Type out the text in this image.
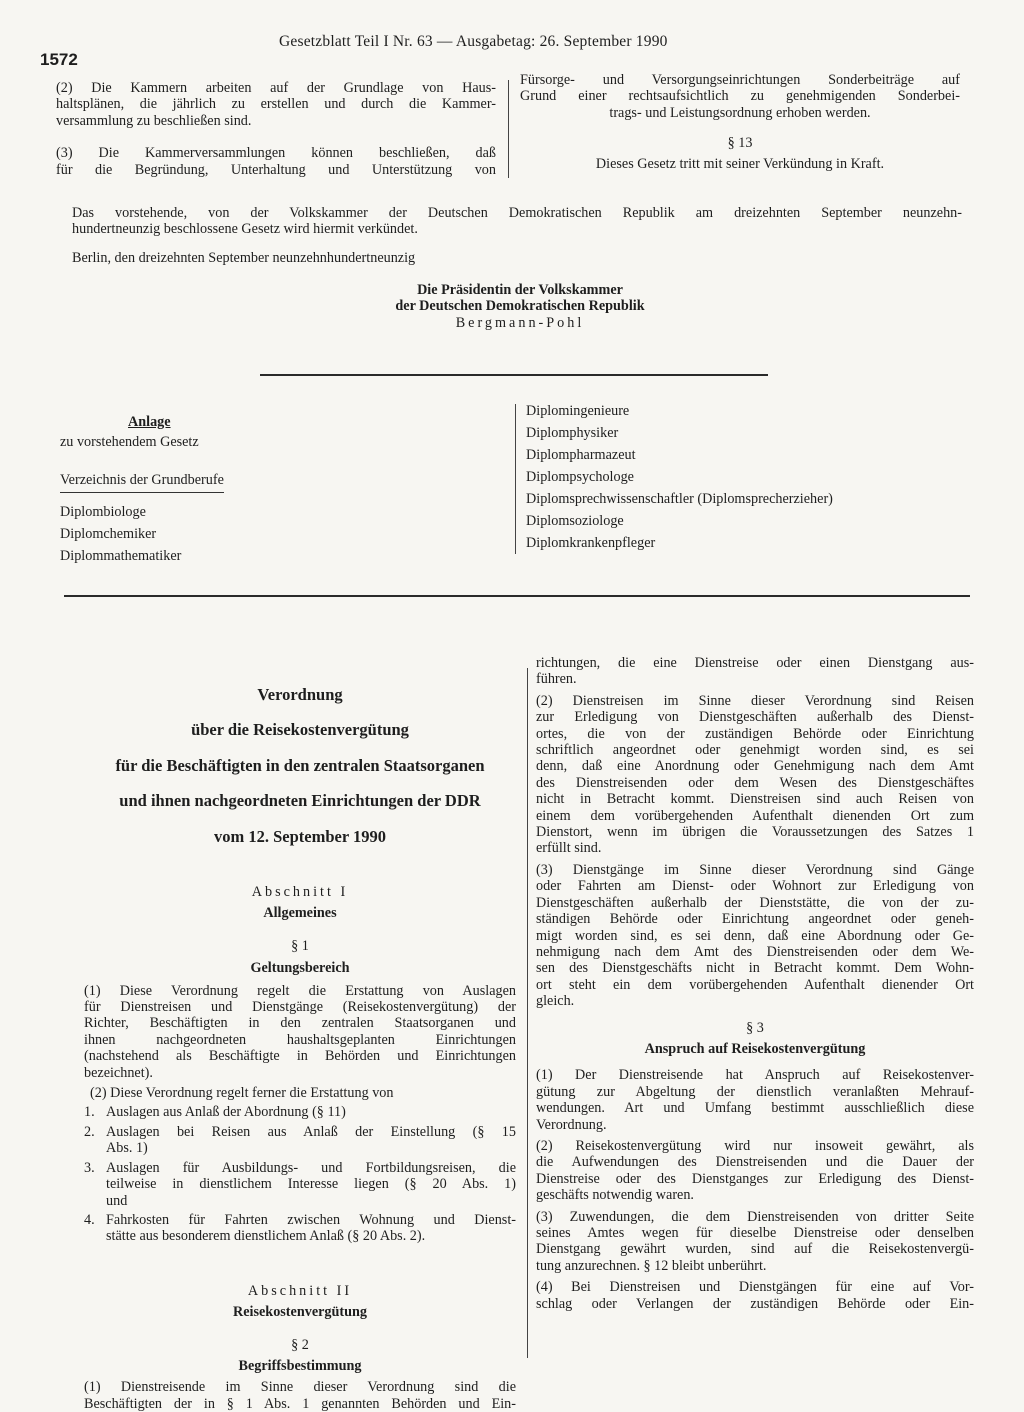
1572
Gesetzblatt Teil I Nr. 63 — Ausgabetag: 26. September 1990

(2) Die Kammern arbeiten auf der Grundlage von Haus-

haltsplänen, die jährlich zu erstellen und durch die Kammer-

versammlung zu beschließen sind.

(3) Die Kammerversammlungen können beschließen, daß

für die Begründung, Unterhaltung und Unterstützung von

Fürsorge- und Versorgungseinrichtungen Sonderbeiträge auf

Grund einer rechtsaufsichtlich zu genehmigenden Sonderbei-

trags- und Leistungsordnung erhoben werden.

§ 13

Dieses Gesetz tritt mit seiner Verkündung in Kraft.

Das vorstehende, von der Volkskammer der Deutschen Demokratischen Republik am dreizehnten September neunzehn-

hundertneunzig beschlossene Gesetz wird hiermit verkündet.

Berlin, den dreizehnten September neunzehnhundertneunzig

Die Präsidentin der Volkskammer

der Deutschen Demokratischen Republik

Bergmann-Pohl

Anlage

zu vorstehendem Gesetz

Verzeichnis der Grundberufe

Diplombiologe

Diplomchemiker

Diplommathematiker

Diplomingenieure

Diplomphysiker

Diplompharmazeut

Diplompsychologe

Diplomsprechwissenschaftler (Diplomsprecherzieher)

Diplomsoziologe

Diplomkrankenpfleger

Verordnung

über die Reisekostenvergütung

für die Beschäftigten in den zentralen Staatsorganen

und ihnen nachgeordneten Einrichtungen der DDR

vom 12. September 1990

Abschnitt I

Allgemeines

§ 1

Geltungsbereich

(1) Diese Verordnung regelt die Erstattung von Auslagen

für Dienstreisen und Dienstgänge (Reisekostenvergütung) der

Richter, Beschäftigten in den zentralen Staatsorganen und

ihnen nachgeordneten haushaltsgeplanten Einrichtungen

(nachstehend als Beschäftigte in Behörden und Einrichtungen

bezeichnet).

(2) Diese Verordnung regelt ferner die Erstattung von

1. Auslagen aus Anlaß der Abordnung (§ 11)

2. Auslagen bei Reisen aus Anlaß der Einstellung (§ 15

Abs. 1)

3. Auslagen für Ausbildungs- und Fortbildungsreisen, die

teilweise in dienstlichem Interesse liegen (§ 20 Abs. 1)

und

4. Fahrkosten für Fahrten zwischen Wohnung und Dienst-

stätte aus besonderem dienstlichem Anlaß (§ 20 Abs. 2).

Abschnitt II

Reisekostenvergütung

§ 2

Begriffsbestimmung

(1) Dienstreisende im Sinne dieser Verordnung sind die

Beschäftigten der in § 1 Abs. 1 genannten Behörden und Ein-

richtungen, die eine Dienstreise oder einen Dienstgang aus-

führen.

(2) Dienstreisen im Sinne dieser Verordnung sind Reisen

zur Erledigung von Dienstgeschäften außerhalb des Dienst-

ortes, die von der zuständigen Behörde oder Einrichtung

schriftlich angeordnet oder genehmigt worden sind, es sei

denn, daß eine Anordnung oder Genehmigung nach dem Amt

des Dienstreisenden oder dem Wesen des Dienstgeschäftes

nicht in Betracht kommt. Dienstreisen sind auch Reisen von

einem dem vorübergehenden Aufenthalt dienenden Ort zum

Dienstort, wenn im übrigen die Voraussetzungen des Satzes 1

erfüllt sind.

(3) Dienstgänge im Sinne dieser Verordnung sind Gänge

oder Fahrten am Dienst- oder Wohnort zur Erledigung von

Dienstgeschäften außerhalb der Dienststätte, die von der zu-

ständigen Behörde oder Einrichtung angeordnet oder geneh-

migt worden sind, es sei denn, daß eine Abordnung oder Ge-

nehmigung nach dem Amt des Dienstreisenden oder dem We-

sen des Dienstgeschäfts nicht in Betracht kommt. Dem Wohn-

ort steht ein dem vorübergehenden Aufenthalt dienender Ort

gleich.

§ 3

Anspruch auf Reisekostenvergütung

(1) Der Dienstreisende hat Anspruch auf Reisekostenver-

gütung zur Abgeltung der dienstlich veranlaßten Mehrauf-

wendungen. Art und Umfang bestimmt ausschließlich diese

Verordnung.

(2) Reisekostenvergütung wird nur insoweit gewährt, als

die Aufwendungen des Dienstreisenden und die Dauer der

Dienstreise oder des Dienstganges zur Erledigung des Dienst-

geschäfts notwendig waren.

(3) Zuwendungen, die dem Dienstreisenden von dritter Seite

seines Amtes wegen für dieselbe Dienstreise oder denselben

Dienstgang gewährt wurden, sind auf die Reisekostenvergü-

tung anzurechnen. § 12 bleibt unberührt.

(4) Bei Dienstreisen und Dienstgängen für eine auf Vor-

schlag oder Verlangen der zuständigen Behörde oder Ein-
